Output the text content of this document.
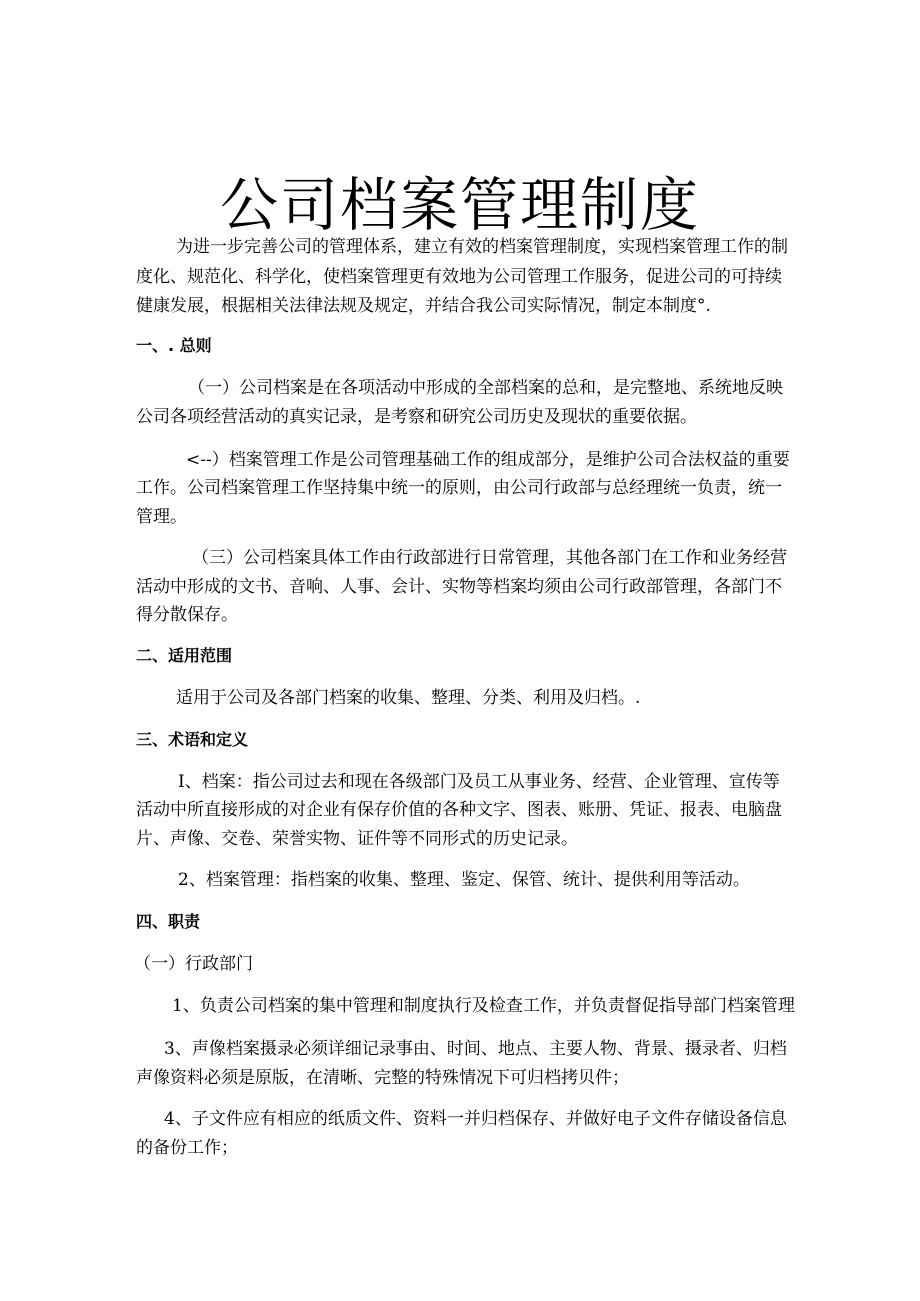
公司档案管理制度

为进一步完善公司的管理体系，建立有效的档案管理制度，实现档案管理工作的制

度化、规范化、科学化，使档案管理更有效地为公司管理工作服务，促进公司的可持续

健康发展，根据相关法律法规及规定，并结合我公司实际情况，制定本制度°.

一、. 总则

（一）公司档案是在各项活动中形成的全部档案的总和，是完整地、系统地反映

公司各项经营活动的真实记录，是考察和研究公司历史及现状的重要依据。

<--）档案管理工作是公司管理基础工作的组成部分，是维护公司合法权益的重要

工作。公司档案管理工作坚持集中统一的原则，由公司行政部与总经理统一负责，统一

管理。

（三）公司档案具体工作由行政部进行日常管理，其他各部门在工作和业务经营

活动中形成的文书、音响、人事、会计、实物等档案均须由公司行政部管理，各部门不

得分散保存。

二、适用范围

适用于公司及各部门档案的收集、整理、分类、利用及归档。.

三、术语和定义

I、档案：指公司过去和现在各级部门及员工从事业务、经营、企业管理、宣传等

活动中所直接形成的对企业有保存价值的各种文字、图表、账册、凭证、报表、电脑盘

片、声像、交卷、荣誉实物、证件等不同形式的历史记录。

2、档案管理：指档案的收集、整理、鉴定、保管、统计、提供利用等活动。

四、职责

（一）行政部门

1、负责公司档案的集中管理和制度执行及检查工作，并负责督促指导部门档案管理

3、声像档案摄录必须详细记录事由、时间、地点、主要人物、背景、摄录者、归档

声像资料必须是原版，在清晰、完整的特殊情况下可归档拷贝件；

4、子文件应有相应的纸质文件、资料一并归档保存、并做好电子文件存储设备信息

的备份工作；
